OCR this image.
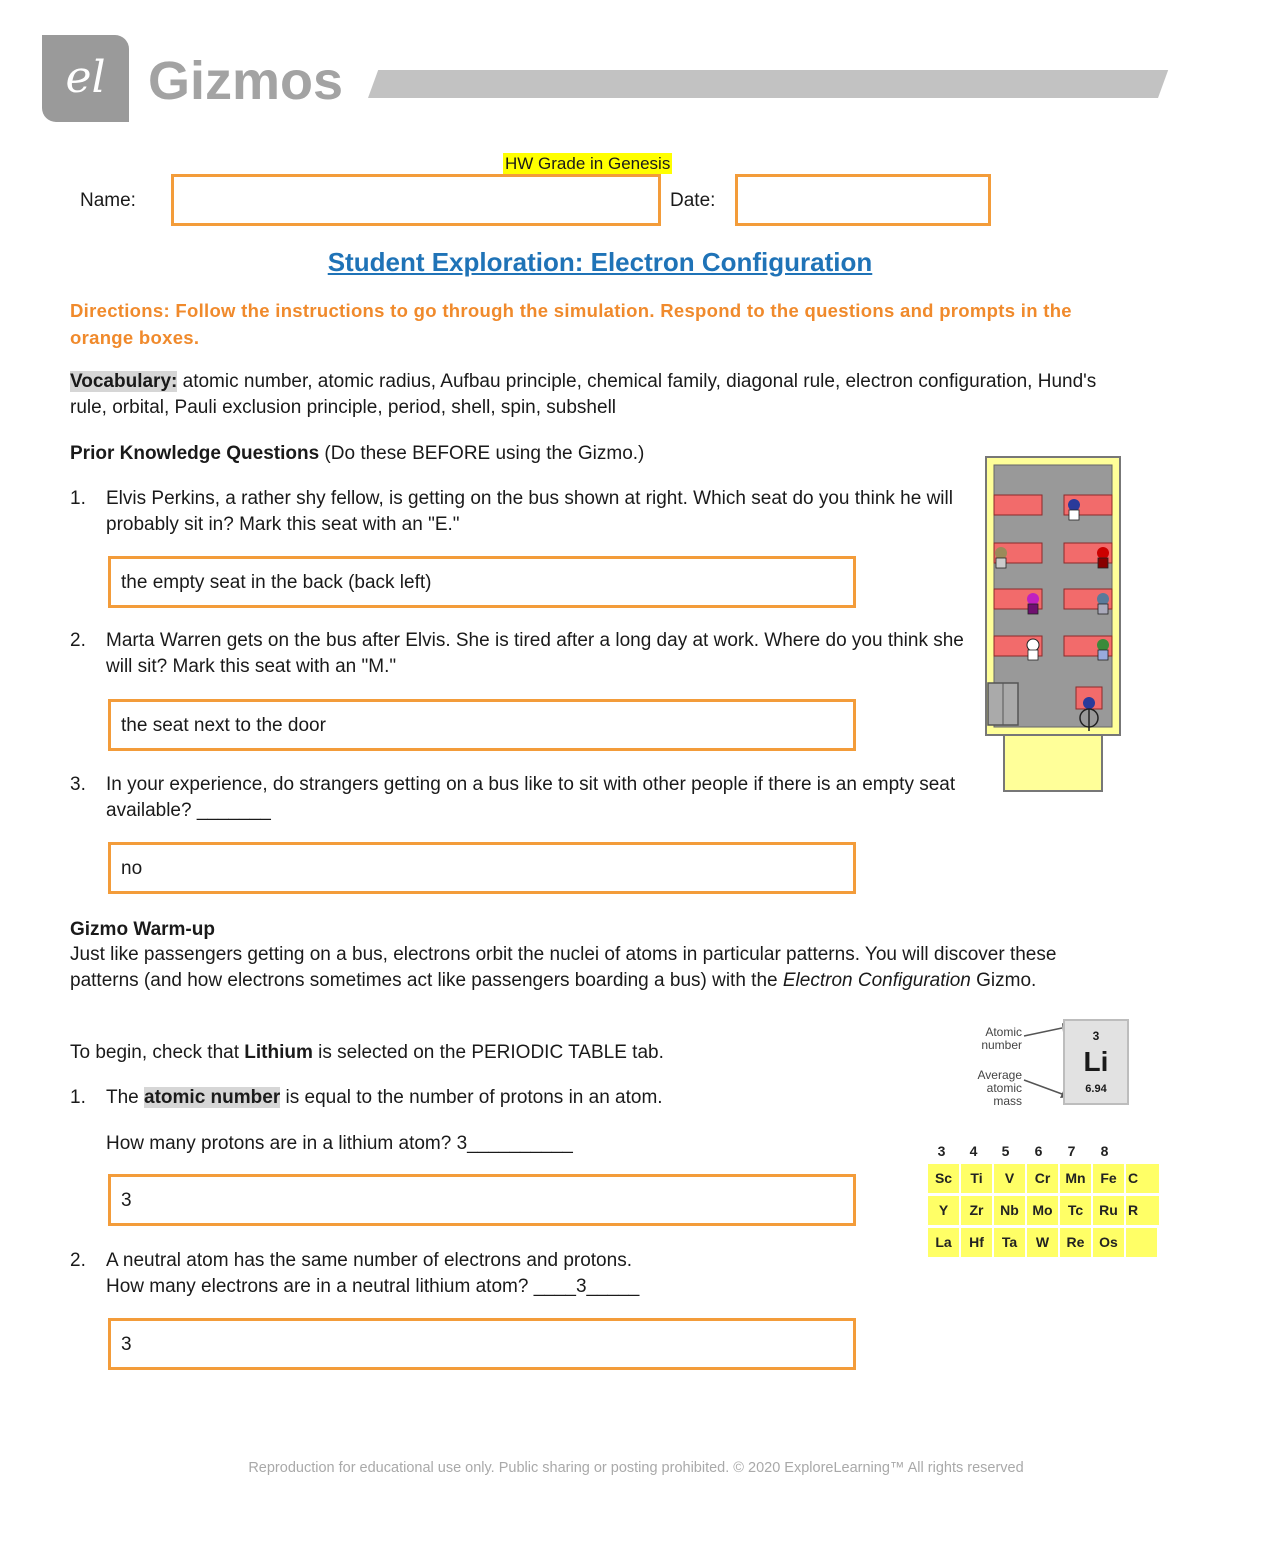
el Gizmos
HW Grade in Genesis
Name:	Date:
Student Exploration: Electron Configuration
Directions: Follow the instructions to go through the simulation. Respond to the questions and prompts in the orange boxes.
Vocabulary: atomic number, atomic radius, Aufbau principle, chemical family, diagonal rule, electron configuration, Hund's rule, orbital, Pauli exclusion principle, period, shell, spin, subshell
Prior Knowledge Questions (Do these BEFORE using the Gizmo.)
1. Elvis Perkins, a rather shy fellow, is getting on the bus shown at right. Which seat do you think he will probably sit in? Mark this seat with an "E."
the empty seat in the back (back left)
2. Marta Warren gets on the bus after Elvis. She is tired after a long day at work. Where do you think she will sit? Mark this seat with an "M."
the seat next to the door
3. In your experience, do strangers getting on a bus like to sit with other people if there is an empty seat available? _______
no
Gizmo Warm-up
Just like passengers getting on a bus, electrons orbit the nuclei of atoms in particular patterns. You will discover these patterns (and how electrons sometimes act like passengers boarding a bus) with the Electron Configuration Gizmo.
To begin, check that Lithium is selected on the PERIODIC TABLE tab.
1. The atomic number is equal to the number of protons in an atom.
How many protons are in a lithium atom? 3__________
3
2. A neutral atom has the same number of electrons and protons.
How many electrons are in a neutral lithium atom? ____3_____
3
Atomic number
Average atomic mass
3
Li
6.94
3	4	5	6	7	8
Sc	Ti	V	Cr	Mn	Fe C
Y	Zr	Nb Mo	Tc	Ru R
La	Hf	Ta	W	Re	Os
Reproduction for educational use only. Public sharing or posting prohibited. © 2020 ExploreLearning™ All rights reserved
